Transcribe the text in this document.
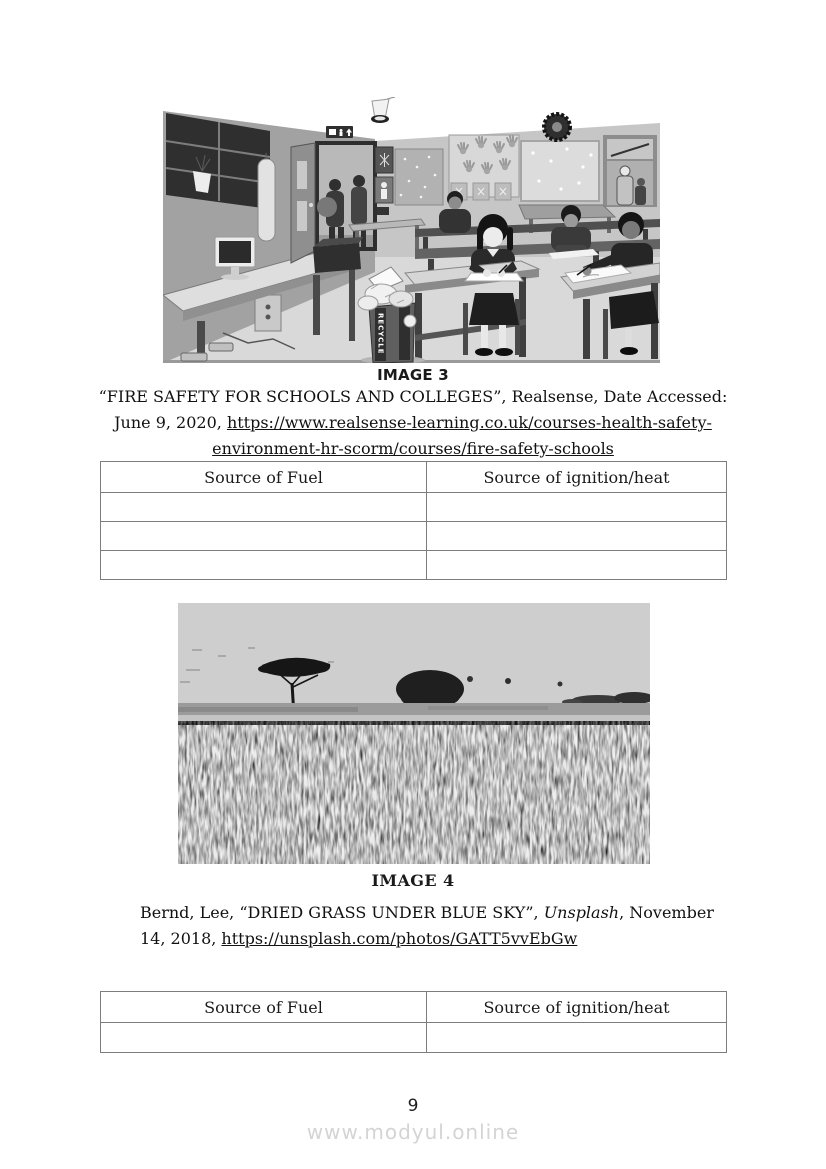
RECYCLE
IMAGE 3

“FIRE SAFETY FOR SCHOOLS AND COLLEGES”, Realsense, Date Accessed: June 9, 2020, https://www.realsense-learning.co.uk/courses-health-safety-environment-hr-scorm/courses/fire-safety-schools

Source of Fuel	Source of ignition/heat

IMAGE 4

Bernd, Lee, “DRIED GRASS UNDER BLUE SKY”, Unsplash, November 14, 2018, https://unsplash.com/photos/GATT5vvEbGw

Source of Fuel	Source of ignition/heat

9
www.modyul.online
